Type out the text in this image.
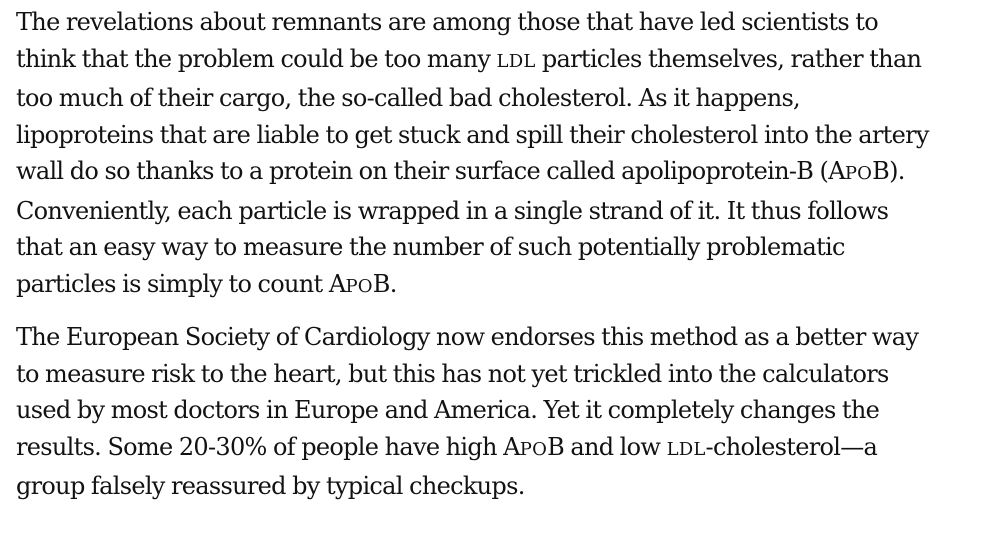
The revelations about remnants are among those that have led scientists to
think that the problem could be too many LDL particles themselves, rather than
too much of their cargo, the so-called bad cholesterol. As it happens,
lipoproteins that are liable to get stuck and spill their cholesterol into the artery
wall do so thanks to a protein on their surface called apolipoprotein-B (APOB).
Conveniently, each particle is wrapped in a single strand of it. It thus follows
that an easy way to measure the number of such potentially problematic
particles is simply to count APOB.

The European Society of Cardiology now endorses this method as a better way
to measure risk to the heart, but this has not yet trickled into the calculators
used by most doctors in Europe and America. Yet it completely changes the
results. Some 20-30% of people have high APOB and low LDL-cholesterol—a
group falsely reassured by typical checkups.
